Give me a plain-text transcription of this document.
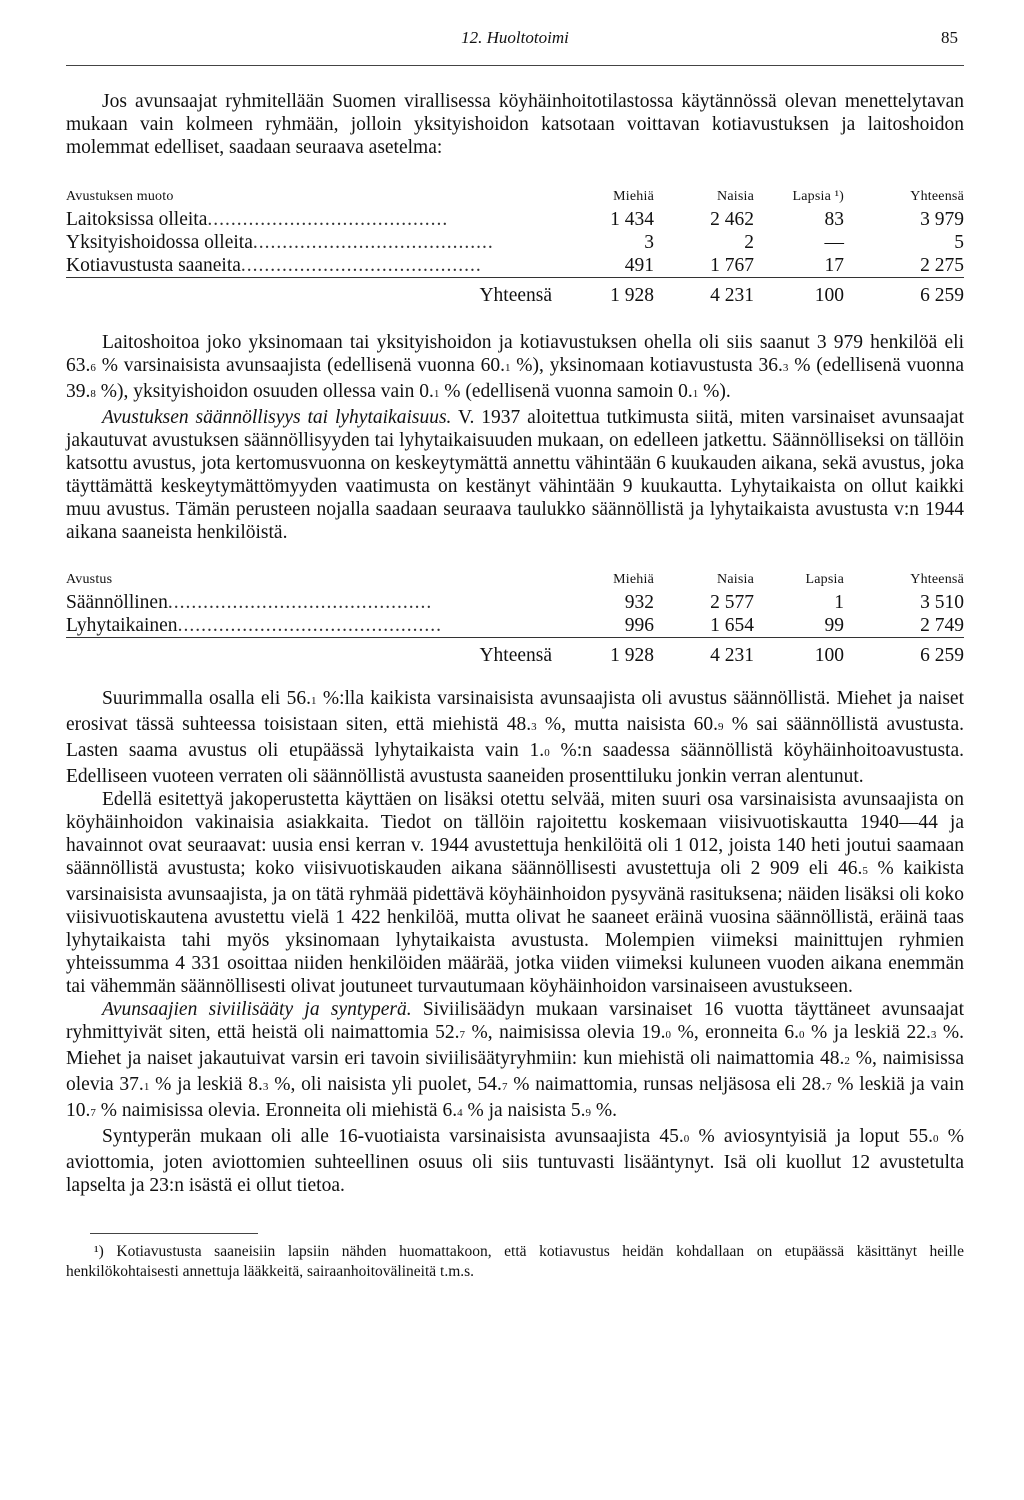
12. Huoltotoimi	85

Jos avunsaajat ryhmitellään Suomen virallisessa köyhäinhoitotilastossa käytännössä olevan menettelytavan mukaan vain kolmeen ryhmään, jolloin yksityishoidon katsotaan voittavan kotiavustuksen ja laitoshoidon molemmat edelliset, saadaan seuraava asetelma:

Avustuksen muoto	Miehiä	Naisia	Lapsia ¹)	Yhteensä
Laitoksissa olleita.........................................	1 434	2 462	83	3 979
Yksityishoidossa olleita.........................................	3	2	—	5
Kotiavustusta saaneita.........................................	491	1 767	17	2 275
Yhteensä	1 928	4 231	100	6 259

Laitoshoitoa joko yksinomaan tai yksityishoidon ja kotiavustuksen ohella oli siis saanut 3 979 henkilöä eli 63.6 % varsinaisista avunsaajista (edellisenä vuonna 60.1 %), yksinomaan kotiavustusta 36.3 % (edellisenä vuonna 39.8 %), yksityishoidon osuuden ollessa vain 0.1 % (edellisenä vuonna samoin 0.1 %).

Avustuksen säännöllisyys tai lyhytaikaisuus. V. 1937 aloitettua tutkimusta siitä, miten varsinaiset avunsaajat jakautuvat avustuksen säännöllisyyden tai lyhytaikaisuuden mukaan, on edelleen jatkettu. Säännölliseksi on tällöin katsottu avustus, jota kertomusvuonna on keskeytymättä annettu vähintään 6 kuukauden aikana, sekä avustus, joka täyttämättä keskeytymättömyyden vaatimusta on kestänyt vähintään 9 kuukautta. Lyhytaikaista on ollut kaikki muu avustus. Tämän perusteen nojalla saadaan seuraava taulukko säännöllistä ja lyhytaikaista avustusta v:n 1944 aikana saaneista henkilöistä.

Avustus	Miehiä	Naisia	Lapsia	Yhteensä
Säännöllinen.............................................	932	2 577	1	3 510
Lyhytaikainen.............................................	996	1 654	99	2 749
Yhteensä	1 928	4 231	100	6 259

Suurimmalla osalla eli 56.1 %:lla kaikista varsinaisista avunsaajista oli avustus säännöllistä. Miehet ja naiset erosivat tässä suhteessa toisistaan siten, että miehistä 48.3 %, mutta naisista 60.9 % sai säännöllistä avustusta. Lasten saama avustus oli etupäässä lyhytaikaista vain 1.0 %:n saadessa säännöllistä köyhäinhoitoavustusta. Edelliseen vuoteen verraten oli säännöllistä avustusta saaneiden prosenttiluku jonkin verran alentunut.

Edellä esitettyä jakoperustetta käyttäen on lisäksi otettu selvää, miten suuri osa varsinaisista avunsaajista on köyhäinhoidon vakinaisia asiakkaita. Tiedot on tällöin rajoitettu koskemaan viisivuotiskautta 1940—44 ja havainnot ovat seuraavat: uusia ensi kerran v. 1944 avustettuja henkilöitä oli 1 012, joista 140 heti joutui saamaan säännöllistä avustusta; koko viisivuotiskauden aikana säännöllisesti avustettuja oli 2 909 eli 46.5 % kaikista varsinaisista avunsaajista, ja on tätä ryhmää pidettävä köyhäinhoidon pysyvänä rasituksena; näiden lisäksi oli koko viisivuotiskautena avustettu vielä 1 422 henkilöä, mutta olivat he saaneet eräinä vuosina säännöllistä, eräinä taas lyhytaikaista tahi myös yksinomaan lyhytaikaista avustusta. Molempien viimeksi mainittujen ryhmien yhteissumma 4 331 osoittaa niiden henkilöiden määrää, jotka viiden viimeksi kuluneen vuoden aikana enemmän tai vähemmän säännöllisesti olivat joutuneet turvautumaan köyhäinhoidon varsinaiseen avustukseen.

Avunsaajien siviilisääty ja syntyperä. Siviilisäädyn mukaan varsinaiset 16 vuotta täyttäneet avunsaajat ryhmittyivät siten, että heistä oli naimattomia 52.7 %, naimisissa olevia 19.0 %, eronneita 6.0 % ja leskiä 22.3 %. Miehet ja naiset jakautuivat varsin eri tavoin siviilisäätyryhmiin: kun miehistä oli naimattomia 48.2 %, naimisissa olevia 37.1 % ja leskiä 8.3 %, oli naisista yli puolet, 54.7 % naimattomia, runsas neljäsosa eli 28.7 % leskiä ja vain 10.7 % naimisissa olevia. Eronneita oli miehistä 6.4 % ja naisista 5.9 %.

Syntyperän mukaan oli alle 16-vuotiaista varsinaisista avunsaajista 45.0 % aviosyntyisiä ja loput 55.0 % aviottomia, joten aviottomien suhteellinen osuus oli siis tuntuvasti lisääntynyt. Isä oli kuollut 12 avustetulta lapselta ja 23:n isästä ei ollut tietoa.

¹) Kotiavustusta saaneisiin lapsiin nähden huomattakoon, että kotiavustus heidän kohdallaan on etupäässä käsittänyt heille henkilökohtaisesti annettuja lääkkeitä, sairaanhoitovälineitä t.m.s.
